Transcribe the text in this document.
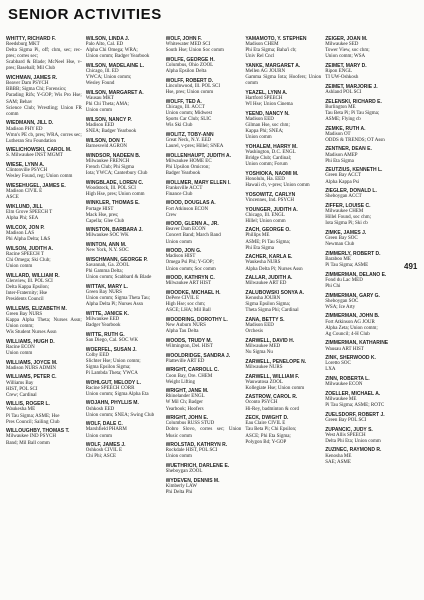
SENIOR ACTIVITIES
WHITTY, RICHARD F.
Reedsburg MKT
Delta Sigma Pi, off; chm, sec; rec-pres; corres sec;
Scabbard & Blade; McNeel Hse, v-pres; Baseball; Mil Club
WICHMAN, JAMES R.
Beaver Dam PSYCH
BBBB; Sigma Chi; Forensics;
Parading Rifs; Y-GOP; Wis Pro Hse; SAM; Behav
Science Club; Wrestling; Union FR comm
WIEDMANN, JILL D.
Madison PHY ED
Wmn's PE cb, pres; WRA, corres sec; Lutheran Stu Foundation
WIELICHOWSKI, CAROL M.
S. Milwaukee INST MGMT
WIESE, LYNN A.
Clintonville PSYCH
Wesley Found, reg; Union comm
WIESEHUGEL, JAMES E.
Madison CIVIL E
ASCE
WIKLUND, JILL
Elm Grove SPEECH T
Alpha Phi; SEA
WILCOX, JON P.
Madison LAS
Phi Alpha Delta; L&S
WILSON, JUDITH A.
Racine SPEECH T
Chi Omega; Ski Club;
Union comm
WILLARD, WILLIAM R.
Glenview, Ill. POL SCI
Delta Kappa Epsilon;
Inter-Fraternity; Hse
Presidents Council
WILLEMS, ELIZABETH M.
Green Bay NURS
Kappa Alpha Theta; Nurses Assn; Union comm;
Wis Student Nurses Assn
WILLIAMS, HUGH D.
Racine ECON
Union comm
WILLIAMS, JOYCE M.
Madison NURS ADMIN
WILLIAMS, PETER C.
Williams Bay
HIST, POL SCI
Crew; Cardinal
WILLIS, ROGER L.
Waukesha ME
Pi Tau Sigma; ASME; Hse
Pres Council; Sailing Club
WILLOUGHBY, THOMAS T.
Milwaukee IND PSYCH
Band; Mil Ball comm
WILSON, LINDA J.
Palo Alto, Cal. ED
Alpha Chi Omega; WRA;
Union comm; Badger Yearbook
WILSON, MADELAINE L.
Chicago, Ill. ED
YWCA; Union comm;
Wesley Found
WILSON, MARGARET A.
Wausau MKT
Phi Chi Theta; AMA;
Union comm
WILSON, NANCY P.
Madison EED
SNEA; Badger Yearbook
WILSON, DON T.
Barnesveld AGRON
WINDSOR, NADEEN B.
Milwaukee FRENCH
French Club; Phi Sigma
Iota; YWCA; Canterbury Club
WINGBLADE, LOREN C.
Woodstock, Ill. POL SCI
High Hse, pres; Union comm
WINKLER, THOMAS E.
Portage HIST
Mack Hse, pres;
Capella; Glee Club
WINSTON, BARBARA J.
Milwaukee SOC WK
WINTON, ANN M.
New York, N.Y. SOC
WISCHMANN, GEORGE P.
Savannah, Ga. ZOOL
Phi Gamma Delta;
Union comm; Scabbard & Blade
WITTAK, MARY L.
Green Bay NURS
Union comm; Sigma Theta Tau;
Alpha Delta Pi; Nurses Assn
WITTE, JANICE K.
Milwaukee EED
Badger Yearbook
WITTE, RUTH G.
San Diego, Cal. SOC WK
WOERFEL, SUSAN J.
Colby EED
Slichter Hse; Union comm;
Sigma Epsilon Sigma;
Pi Lambda Theta; YWCA
WOHLGUT, MELODY L.
Racine SPEECH CORR
Union comm; Sigma Alpha Eta
WOJAHN, PHYLLIS M.
Oshkosh EED
Union comm; SNEA; Swing Club
WOLF, DALE C.
Marshfield PHARM
Union comm
WOLF, JAMES J.
Oshkosh CIVIL E
Chi Phi; ASCE
WOLF, JOHN F.
Whitewater MED SCI
South Hse; Union Soc comm
WOLFE, GEORGE H.
Columbus, Ohio ZOOL
Alpha Epsilon Delta
WOLFF, ROBERT D.
Lincolnwood, Ill. POL SCI
Hse, pres; Union comm
WOLFF, TED A.
Chicago, Ill. ACCT
Union comm; Midwest
Sports Car Club; SLIC
Wis Ski Club
WOLITZ, TOBY-ANN
Great Neck, N.Y. EED
Laurel, v-pres; Hillel; SNEA
WOLLENHAUPT, JUDITH A.
Milwaukee HOME EC
Phi Upsilon Omicron;
Badger Yearbook
WOLLMER, MARY ELLEN I.
Franksville ACCT
Finance Club
WOOD, DOUGLAS A.
Fort Atkinson ECON
Crew
WOOD, GLENN A., JR.
Beaver Dam ECON
Concert Band; March Band
Union comm
WOOD, JON G.
Madison HIST
Omega Psi Phi; Y-GOP;
Union comm; Soc comm
WOOD, KATHRYN C.
Milwaukee ART HIST
WOODKE, MICHAEL H.
DePere CIVIL E
High Hse; soc chm;
ASCE; LHA; Mil Ball
WOODRING, DOROTHY L.
New Auburn NURS
Alpha Tau Delta
WOODS, TRUDY M.
Wilmington, Del. HIST
WOOLDRIDGE, SANDRA J.
Platteville ART ED
WRIGHT, CARROLL C.
Coon Bay, Ore. CHEM
Weight Lifting
WRIGHT, JANE M.
Rhinelander ENGL
W Mil Ch; Badger
Yearbook; Hoofers
WRIGHT, JOHN E.
Columbus RUSS STUD
Dobro Slovo, corres sec; Union Music comm
WROLSTAD, KATHRYN R.
Rockdale HIST, POL SCI
Union comm
WUETHRICH, DARLENE E.
Sheboygan ZOOL
WYDEVEN, DENNIS M.
Kimberly LAW
Phi Delta Phi
YAMAMOTO, Y. STEPHEN
Madison CHEM
Phi Eta Sigma; Baha'i cb;
Univ Rel Cncl
YANKE, MARGARET A.
Mellen AG JOURN
Gamma Sigma Iota; Hoofers; Union comm
YEAZEL, LYNN A.
Hartford SPEECH
WI Hse; Union Cinema
YEEND, NANCY N.
Madison EED
Gilman Hse, soc chm;
Kappa Phi; SNEA;
Union comm
YOHALEM, HARRY M.
Washington, D.C. ENGL
Bridge Club; Cardinal;
Union comm; Forum
YOSHIOKA, NAOMI M.
Honolulu, Ha. EED
Hawaii cb, v-pres; Union comm
YOSOWITZ, CARLYN
Vincennes, Ind. PSYCH
YOUNGER, JUDITH A.
Chicago, Ill. ENGL
Hillel; Union comm
ZACH, GEORGE O.
Phillips ME
ASME; Pi Tau Sigma;
Phi Eta Sigma
ZACHER, KARLA E.
Waukesha NURS
Alpha Delta Pi; Nurses Assn
ZALLAR, JUDITH A.
Milwaukee ART ED
ZALUBOWSKI SONYA A.
Kenosha JOURN
Sigma Epsilon Sigma;
Theta Sigma Phi; Cardinal
ZANA, BETTY S.
Madison EED
Orchesis
ZARWELL, DAVID H.
Milwaukee MED
Nu Sigma Nu
ZARWELL, PENELOPE N.
Milwaukee NURS
ZARWELL, WILLIAM F.
Wauwatosa ZOOL
Kollegiate Hse; Union comm
ZASTROW, CAROL R.
Oconto PSYCH
Hi-Rey, badminton & cord
ZECK, DWIGHT D.
Eau Claire CIVIL E
Tau Beta Pi; Chi Epsilon;
ASCE; Phi Eta Sigma;
Polygon Bd; Y-GOP
ZEIGER, JOAN M.
Milwaukee SED
Tower View, soc chm;
Union comm; WSA
ZEIMET, MARY D.
Ripon ENGL
TI UW-Oshkosh
ZEIMET, MARJORIE J.
Ashland POL SCI
ZELENSKI, RICHARD E.
Burlington ME
Tau Beta Pi; Pi Tau Sigma;
ASME; Flying cb
ZEMKE, RUTH A.
Madison OT
ODDS & TRENDS; OT Assn
ZENTNER, DEAN E.
Madison AMEP
Phi Eta Sigma
ZEUTZIUS, KENNETH L.
Green Bay ACCT
Alpha Kappa Psi
ZIEGLER, DONALD L.
Sheboygan ACCT
ZIFFER, LOUISE C.
Milwaukee CHEM
Hillel Found, soc chm;
Iota Sigma Pi; Ski cb
ZIMKE, JAMES J.
Green Bay SOC
Newman Club
ZIMMERLY, ROBERT D.
Baraboo ME
Pi Tau Sigma; ASME
ZIMMERMAN, DELANO E.
Fond du Lac MED
Phi Chi
ZIMMERMAN, GARY G.
Sheboygan SOC
WSA; Ice Arty
ZIMMERMAN, JOHN B.
Fort Atkinson AG JOUR
Alpha Zeta; Union comm;
Ag Council; 4-H Club
ZIMMERMAN, KATHARINE
Wausau ART HIST
ZINK, SHERWOOD K.
Loretto SOC
LXA
ZINN, ROBERTA L.
Milwaukee ECON
ZOELLER, MICHAEL A.
Milwaukee ME
Pi Tau Sigma; ASME; ROTC
ZUELSDORF, ROBERT J.
Green Bay POL SCI
ZUPANCIC, JUDY S.
West Allis SPEECH
Delta Phi Eta; Union comm
ZUZINEC, RAYMOND R.
Kenosha ME
SAE; ASME
491
